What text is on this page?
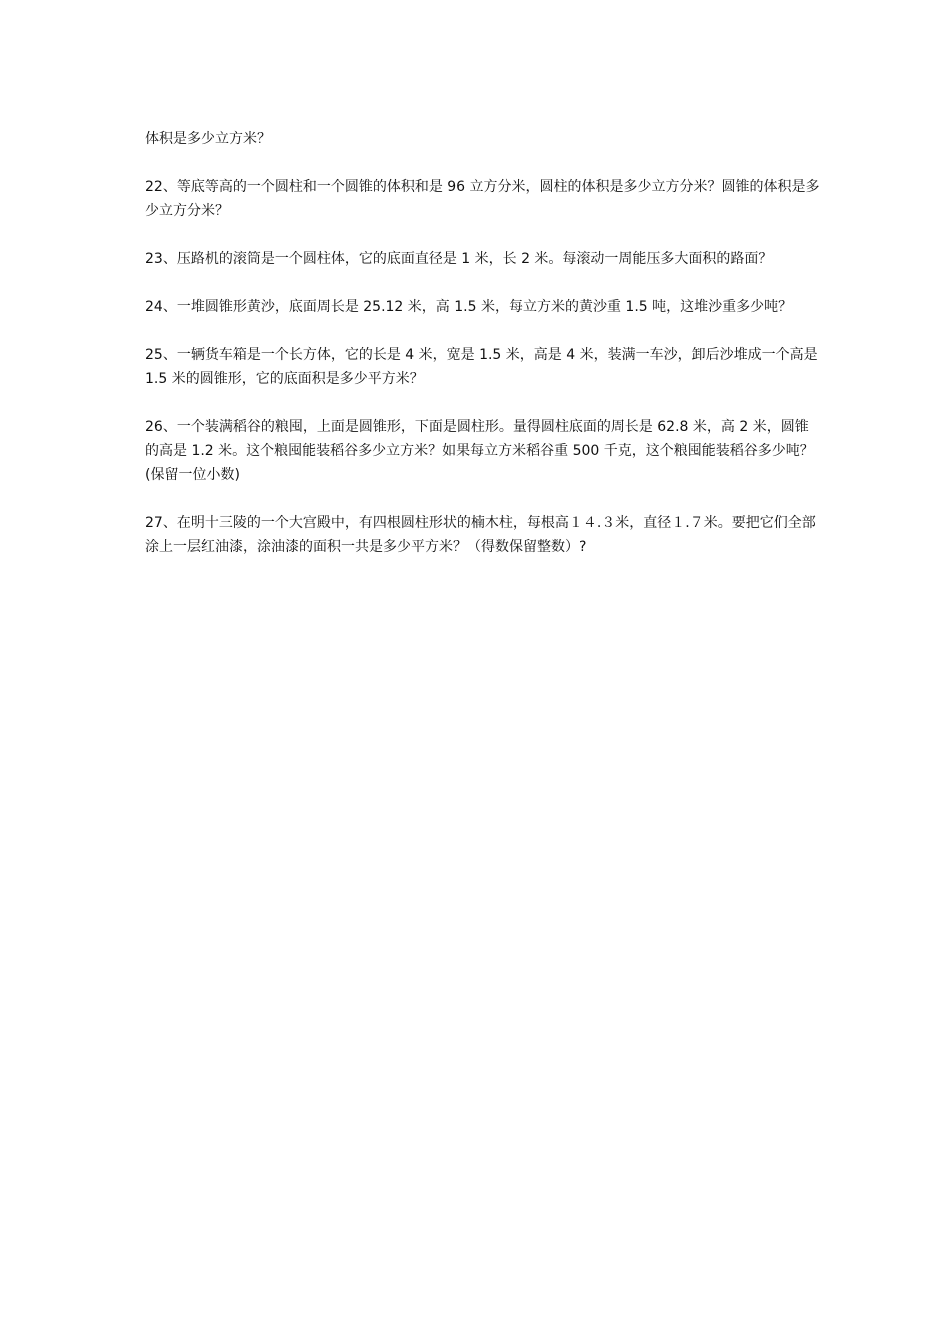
体积是多少立方米？

22、等底等高的一个圆柱和一个圆锥的体积和是 96 立方分米，圆柱的体积是多少立方分米？圆锥的体积是多少立方分米？

23、压路机的滚筒是一个圆柱体，它的底面直径是 1 米，长 2 米。每滚动一周能压多大面积的路面？

24、一堆圆锥形黄沙，底面周长是 25.12 米，高 1.5 米，每立方米的黄沙重 1.5 吨，这堆沙重多少吨？

25、一辆货车箱是一个长方体，它的长是 4 米，宽是 1.5 米，高是 4 米，装满一车沙，卸后沙堆成一个高是 1.5 米的圆锥形，它的底面积是多少平方米？

26、一个装满稻谷的粮囤，上面是圆锥形，下面是圆柱形。量得圆柱底面的周长是 62.8 米，高 2 米，圆锥的高是 1.2 米。这个粮囤能装稻谷多少立方米？如果每立方米稻谷重 500 千克，这个粮囤能装稻谷多少吨？(保留一位小数)

27、在明十三陵的一个大宫殿中，有四根圆柱形状的楠木柱，每根高１４.３米，直径１.７米。要把它们全部涂上一层红油漆，涂油漆的面积一共是多少平方米？（得数保留整数）?
